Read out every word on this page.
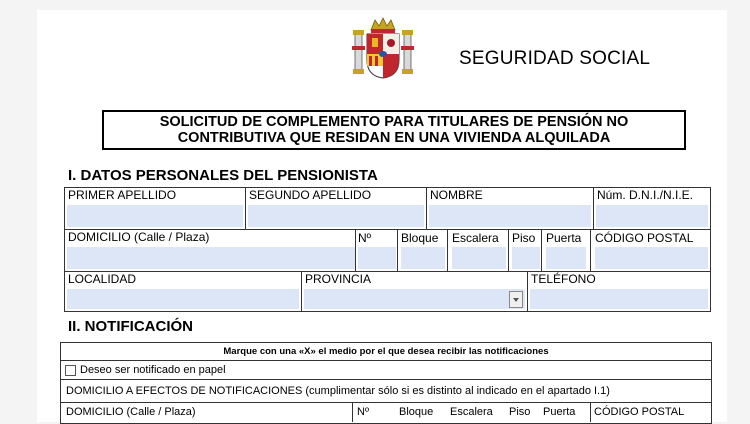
SEGURIDAD SOCIAL
SOLICITUD DE COMPLEMENTO PARA TITULARES DE PENSIÓN NO
CONTRIBUTIVA QUE RESIDAN EN UNA VIVIENDA ALQUILADA
I. DATOS PERSONALES DEL PENSIONISTA
PRIMER APELLIDO	SEGUNDO APELLIDO	NOMBRE	Núm. D.N.I./N.I.E.
DOMICILIO (Calle / Plaza)	Nº Bloque Escalera Piso Puerta CÓDIGO POSTAL
LOCALIDAD	PROVINCIA	TELÉFONO
II. NOTIFICACIÓN
Marque con una «X» el medio por el que desea recibir las notificaciones
Deseo ser notificado en papel
DOMICILIO A EFECTOS DE NOTIFICACIONES (cumplimentar sólo si es distinto al indicado en el apartado I.1)
DOMICILIO (Calle / Plaza)	Nº	Bloque Escalera Piso Puerta CÓDIGO POSTAL
